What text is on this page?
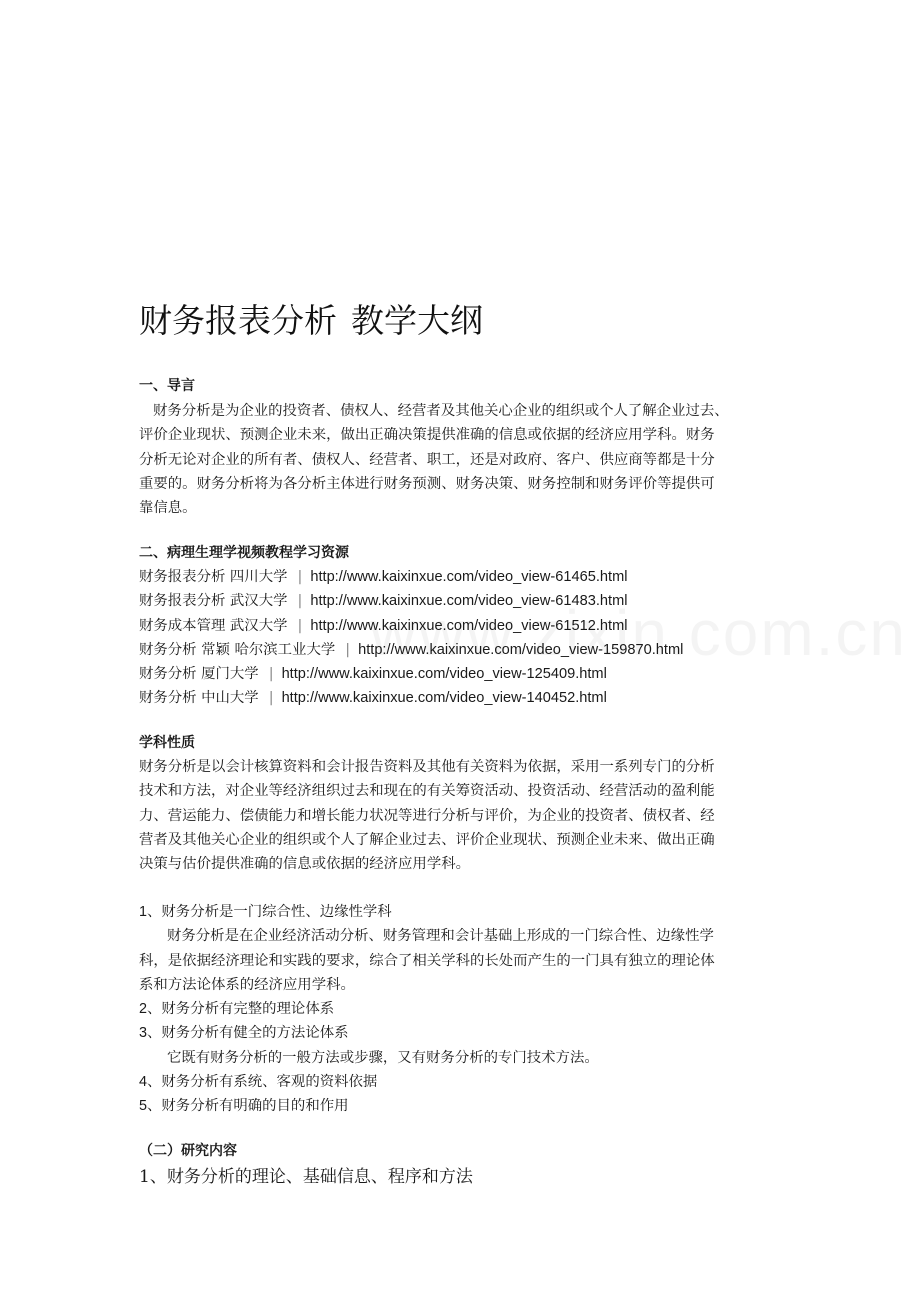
财务报表分析 教学大纲

一、导言

财务分析是为企业的投资者、债权人、经营者及其他关心企业的组织或个人了解企业过去、

评价企业现状、预测企业未来，做出正确决策提供准确的信息或依据的经济应用学科。财务

分析无论对企业的所有者、债权人、经营者、职工，还是对政府、客户、供应商等都是十分

重要的。财务分析将为各分析主体进行财务预测、财务决策、财务控制和财务评价等提供可

靠信息。

二、病理生理学视频教程学习资源

财务报表分析 四川大学 | http://www.kaixinxue.com/video_view-61465.html

财务报表分析 武汉大学 | http://www.kaixinxue.com/video_view-61483.html

财务成本管理 武汉大学 | http://www.kaixinxue.com/video_view-61512.html

财务分析 常颖 哈尔滨工业大学 | http://www.kaixinxue.com/video_view-159870.html

财务分析 厦门大学 | http://www.kaixinxue.com/video_view-125409.html

财务分析 中山大学 | http://www.kaixinxue.com/video_view-140452.html

学科性质

财务分析是以会计核算资料和会计报告资料及其他有关资料为依据，采用一系列专门的分析

技术和方法，对企业等经济组织过去和现在的有关筹资活动、投资活动、经营活动的盈利能

力、营运能力、偿债能力和增长能力状况等进行分析与评价，为企业的投资者、债权者、经

营者及其他关心企业的组织或个人了解企业过去、评价企业现状、预测企业未来、做出正确

决策与估价提供准确的信息或依据的经济应用学科。

1、财务分析是一门综合性、边缘性学科

财务分析是在企业经济活动分析、财务管理和会计基础上形成的一门综合性、边缘性学

科，是依据经济理论和实践的要求，综合了相关学科的长处而产生的一门具有独立的理论体

系和方法论体系的经济应用学科。

2、财务分析有完整的理论体系

3、财务分析有健全的方法论体系

它既有财务分析的一般方法或步骤，又有财务分析的专门技术方法。

4、财务分析有系统、客观的资料依据

5、财务分析有明确的目的和作用

（二）研究内容

1、财务分析的理论、基础信息、程序和方法
